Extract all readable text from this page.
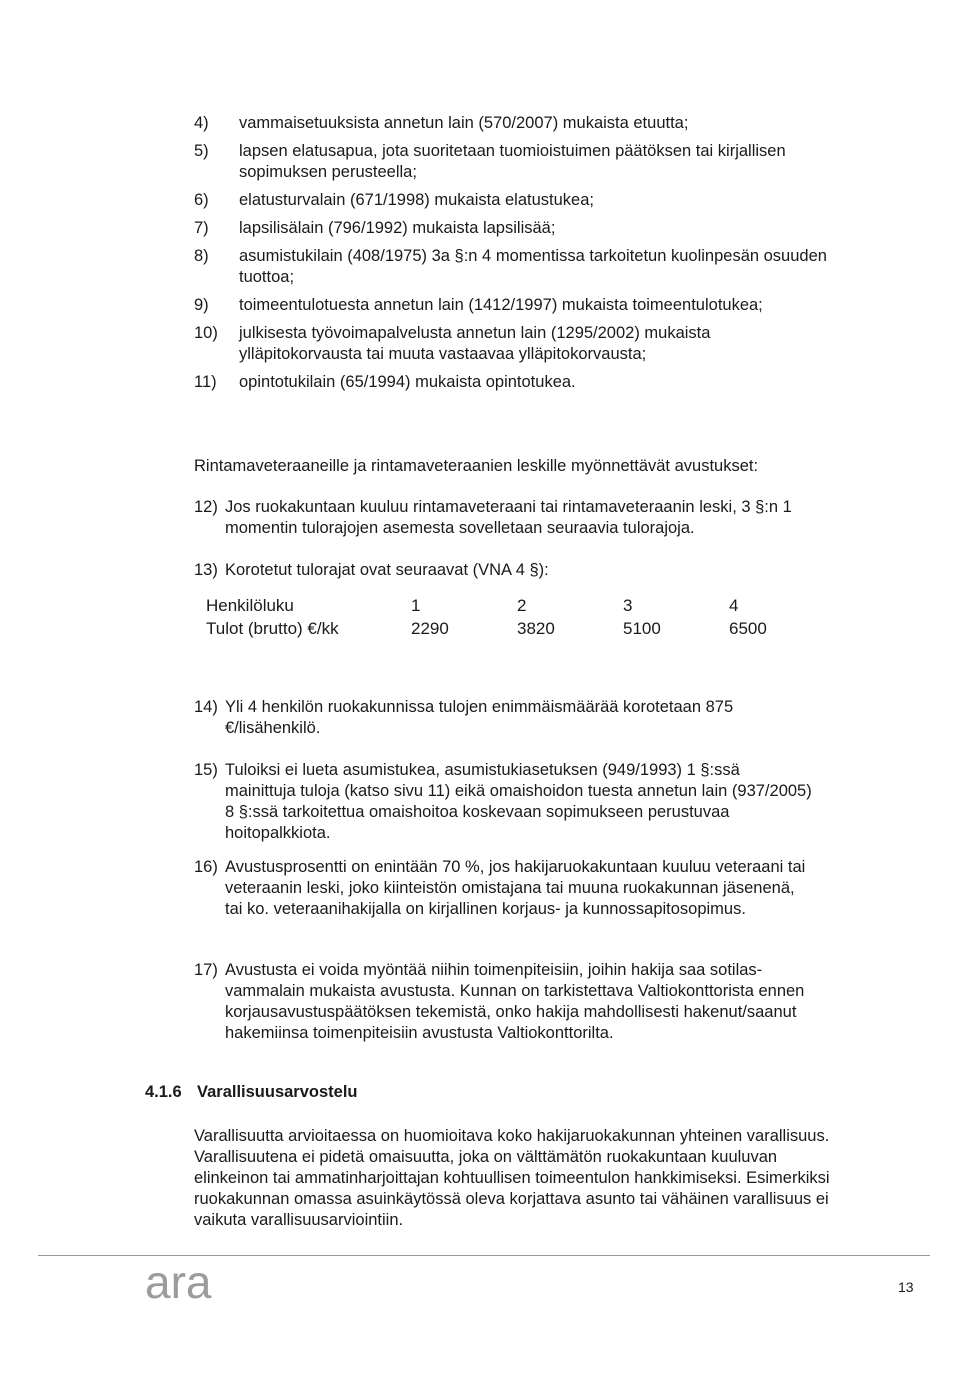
4) vammaisetuuksista annetun lain (570/2007) mukaista etuutta;
5) lapsen elatusapua, jota suoritetaan tuomioistuimen päätöksen tai kirjallisen sopimuksen perusteella;
6) elatusturvalain (671/1998) mukaista elatustukea;
7) lapsilisälain (796/1992) mukaista lapsilisää;
8) asumistukilain (408/1975) 3a §:n 4 momentissa tarkoitetun kuolinpesän osuuden tuottoa;
9) toimeentulotuesta annetun lain (1412/1997) mukaista toimeentulotukea;
10) julkisesta työvoimapalvelusta annetun lain (1295/2002) mukaista ylläpitokorvausta tai muuta vastaavaa ylläpitokorvausta;
11) opintotukilain (65/1994) mukaista opintotukea.
Rintamaveteraaneille ja rintamaveteraanien leskille myönnettävät avustukset:
12) Jos ruokakuntaan kuuluu rintamaveteraani tai rintamaveteraanin leski, 3 §:n 1 momentin tulorajojen asemesta sovelletaan seuraavia tulorajoja.
13) Korotetut tulorajat ovat seuraavat (VNA 4 §):
Henkilöluku	1	2	3	4
Tulot (brutto) €/kk	2290	3820	5100	6500
14) Yli 4 henkilön ruokakunnissa tulojen enimmäismäärää korotetaan 875 €/lisähenkilö.
15) Tuloiksi ei lueta asumistukea, asumistukiasetuksen (949/1993) 1 §:ssä mainittuja tuloja (katso sivu 11) eikä omaishoidon tuesta annetun lain (937/2005) 8 §:ssä tarkoitettua omaishoitoa koskevaan sopimukseen perustuvaa hoitopalkkiota.
16) Avustusprosentti on enintään 70 %, jos hakijaruokakuntaan kuuluu veteraani tai veteraanin leski, joko kiinteistön omistajana tai muuna ruokakunnan jäsenenä, tai ko. veteraanihakijalla on kirjallinen korjaus- ja kunnossapitosopimus.
17) Avustusta ei voida myöntää niihin toimenpiteisiin, joihin hakija saa sotilas-vammalain mukaista avustusta. Kunnan on tarkistettava Valtiokonttorista ennen korjausavustuspäätöksen tekemistä, onko hakija mahdollisesti hakenut/saanut hakemiinsa toimenpiteisiin avustusta Valtiokonttorilta.
4.1.6 Varallisuusarvostelu
Varallisuutta arvioitaessa on huomioitava koko hakijaruokakunnan yhteinen varallisuus. Varallisuutena ei pidetä omaisuutta, joka on välttämätön ruokakuntaan kuuluvan elinkeinon tai ammatinharjoittajan kohtuullisen toimeentulon hankkimiseksi. Esimerkiksi ruokakunnan omassa asuinkäytössä oleva korjattava asunto tai vähäinen varallisuus ei vaikuta varallisuusarviointiin.
ara	13
